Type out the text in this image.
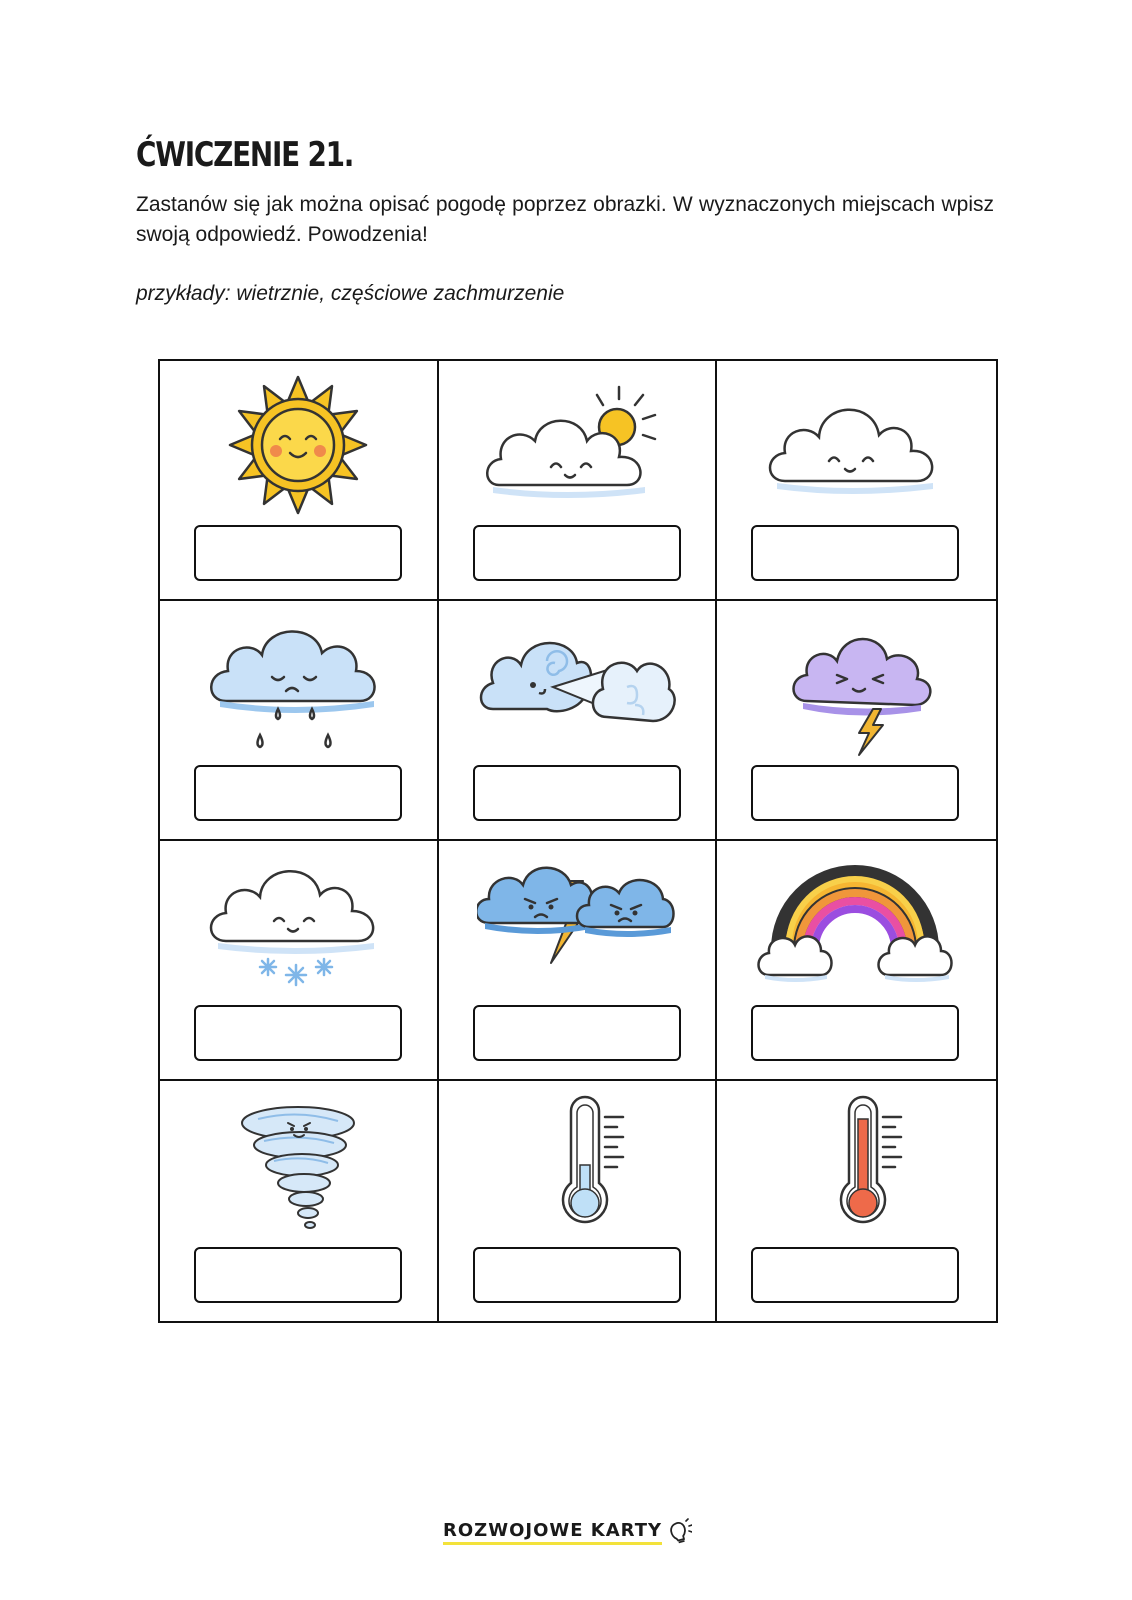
ĆWICZENIE 21.

Zastanów się jak można opisać pogodę poprzez obrazki. W wyznaczonych miejscach wpisz swoją odpowiedź. Powodzenia!

przykłady: wietrznie, częściowe zachmurzenie

ROZWOJOWE KARTY
